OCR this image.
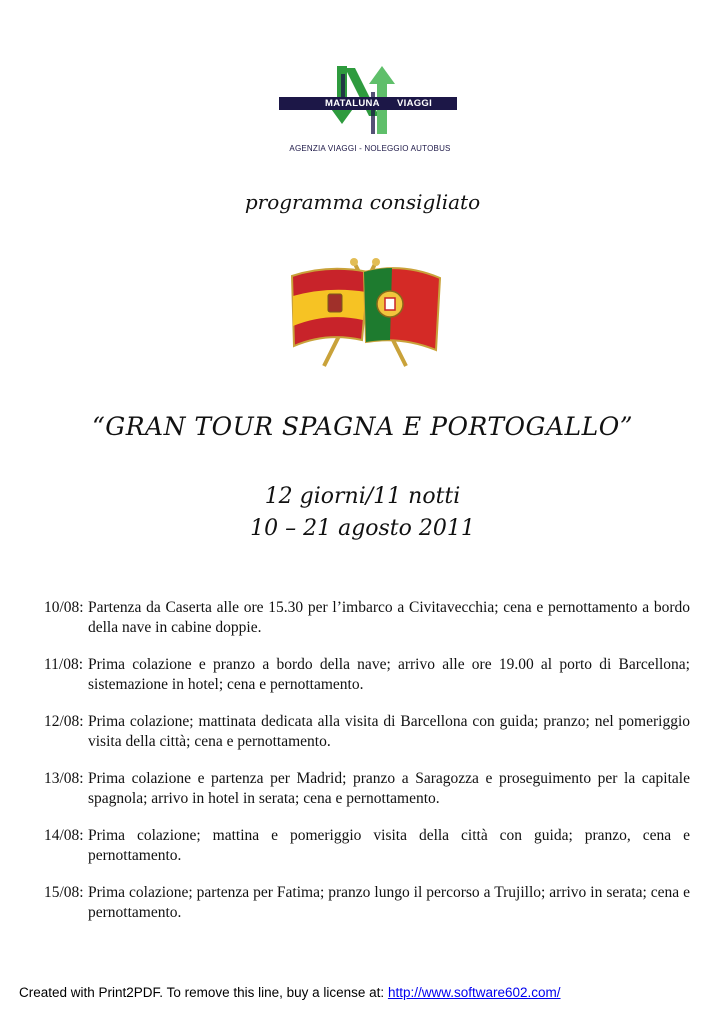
MATALUNA VIAGGI
AGENZIA VIAGGI - NOLEGGIO AUTOBUS
programma consigliato
“GRAN TOUR SPAGNA E PORTOGALLO”
12 giorni/11 notti
10 – 21 agosto 2011
10/08: Partenza da Caserta alle ore 15.30 per l’imbarco a Civitavecchia; cena e pernottamento a bordo della nave in cabine doppie.
11/08: Prima colazione e pranzo a bordo della nave; arrivo alle ore 19.00 al porto di Barcellona; sistemazione in hotel; cena e pernottamento.
12/08: Prima colazione; mattinata dedicata alla visita di Barcellona con guida; pranzo; nel pomeriggio visita della città; cena e pernottamento.
13/08: Prima colazione e partenza per Madrid; pranzo a Saragozza e proseguimento per la capitale spagnola; arrivo in hotel in serata; cena e pernottamento.
14/08: Prima colazione; mattina e pomeriggio visita della città con guida; pranzo, cena e pernottamento.
15/08: Prima colazione; partenza per Fatima; pranzo lungo il percorso a Trujillo; arrivo in serata; cena e pernottamento.
Created with Print2PDF. To remove this line, buy a license at: http://www.software602.com/
